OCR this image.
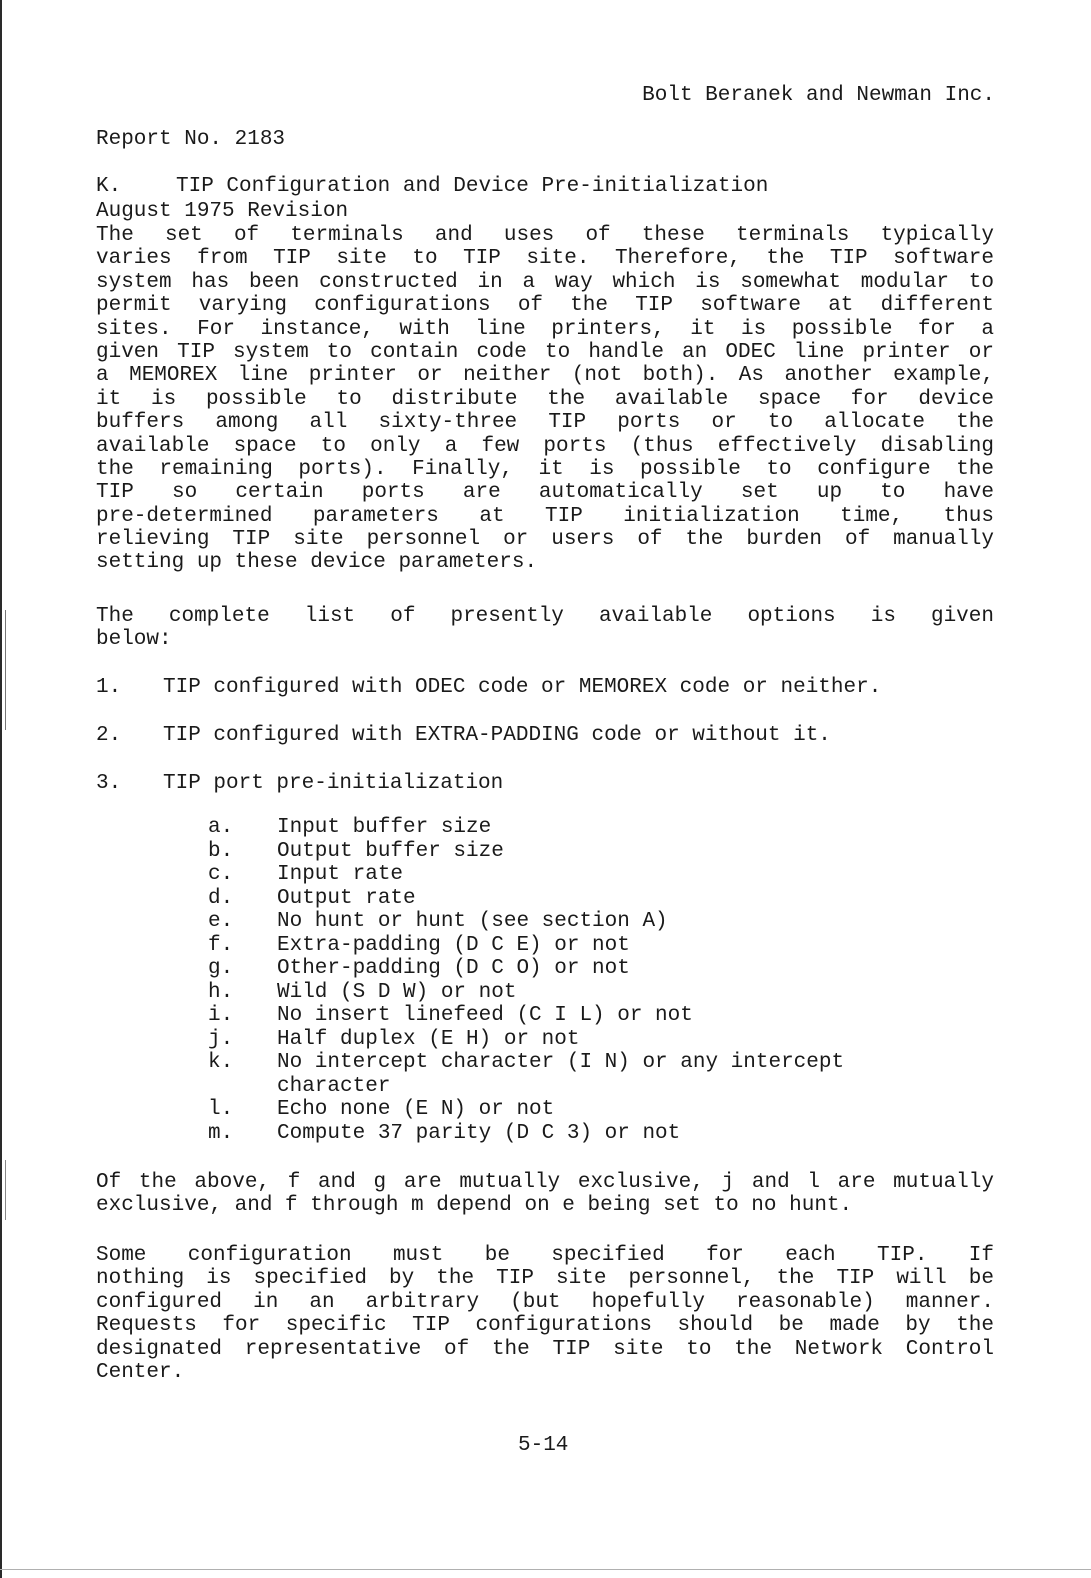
Report No. 2183

August 1975 Revision

Bolt Beranek and Newman Inc.
K.	TIP Configuration and Device Pre-initialization
The set of terminals and uses of these terminals typically
varies from TIP site to TIP site. Therefore, the TIP software
system has been constructed in a way which is somewhat modular to
permit varying configurations of the TIP software at different
sites. For instance, with line printers, it is possible for a
given TIP system to contain code to handle an ODEC line printer or
a MEMOREX line printer or neither (not both). As another example,
it is possible to distribute the available space for device
buffers among all sixty-three TIP ports or to allocate the
available space to only a few ports (thus effectively disabling
the remaining ports). Finally, it is possible to configure the
TIP so certain ports are automatically set up to have
pre-determined parameters at TIP initialization time, thus
relieving TIP site personnel or users of the burden of manually
setting up these device parameters.
The complete list of presently available options is given
below:

1. TIP configured with ODEC code or MEMOREX code or neither.

2. TIP configured with EXTRA-PADDING code or without it.

3. TIP port pre-initialization

a.	Input buffer size
b.	Output buffer size
c.	Input rate
d.	Output rate
e.	No hunt or hunt (see section A)
f.	Extra-padding (D C E) or not
g.	Other-padding (D C O) or not
h.	Wild (S D W) or not
i.	No insert linefeed (C I L) or not
j.	Half duplex (E H) or not
k.	No intercept character (I N) or any intercept
character
l.	Echo none (E N) or not
m.	Compute 37 parity (D C 3) or not
Of the above, f and g are mutually exclusive, j and l are mutually
exclusive, and f through m depend on e being set to no hunt.
Some configuration must be specified for each TIP. If
nothing is specified by the TIP site personnel, the TIP will be
configured in an arbitrary (but hopefully reasonable) manner.
Requests for specific TIP configurations should be made by the
designated representative of the TIP site to the Network Control
Center.
5-14
